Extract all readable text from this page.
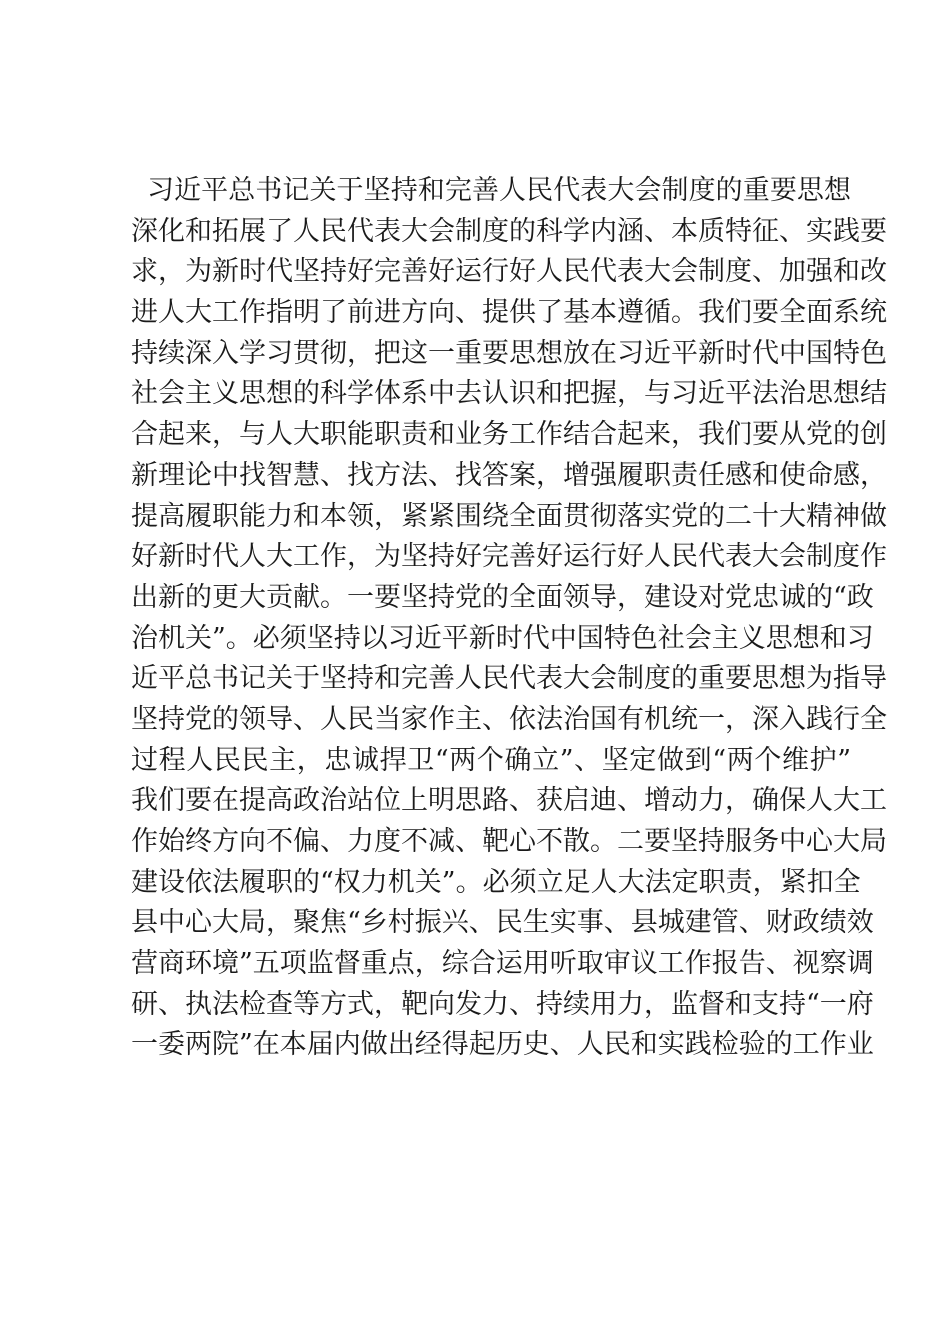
习近平总书记关于坚持和完善人民代表大会制度的重要思想
深化和拓展了人民代表大会制度的科学内涵、本质特征、实践要
求，为新时代坚持好完善好运行好人民代表大会制度、加强和改
进人大工作指明了前进方向、提供了基本遵循。我们要全面系统
持续深入学习贯彻，把这一重要思想放在习近平新时代中国特色
社会主义思想的科学体系中去认识和把握，与习近平法治思想结
合起来，与人大职能职责和业务工作结合起来，我们要从党的创
新理论中找智慧、找方法、找答案，增强履职责任感和使命感，
提高履职能力和本领，紧紧围绕全面贯彻落实党的二十大精神做
好新时代人大工作，为坚持好完善好运行好人民代表大会制度作
出新的更大贡献。一要坚持党的全面领导，建设对党忠诚的“政
治机关”。必须坚持以习近平新时代中国特色社会主义思想和习
近平总书记关于坚持和完善人民代表大会制度的重要思想为指导
坚持党的领导、人民当家作主、依法治国有机统一，深入践行全
过程人民民主，忠诚捍卫“两个确立”、坚定做到“两个维护”
我们要在提高政治站位上明思路、获启迪、增动力，确保人大工
作始终方向不偏、力度不减、靶心不散。二要坚持服务中心大局
建设依法履职的“权力机关”。必须立足人大法定职责，紧扣全
县中心大局，聚焦“乡村振兴、民生实事、县城建管、财政绩效
营商环境”五项监督重点，综合运用听取审议工作报告、视察调
研、执法检查等方式，靶向发力、持续用力，监督和支持“一府
一委两院”在本届内做出经得起历史、人民和实践检验的工作业
